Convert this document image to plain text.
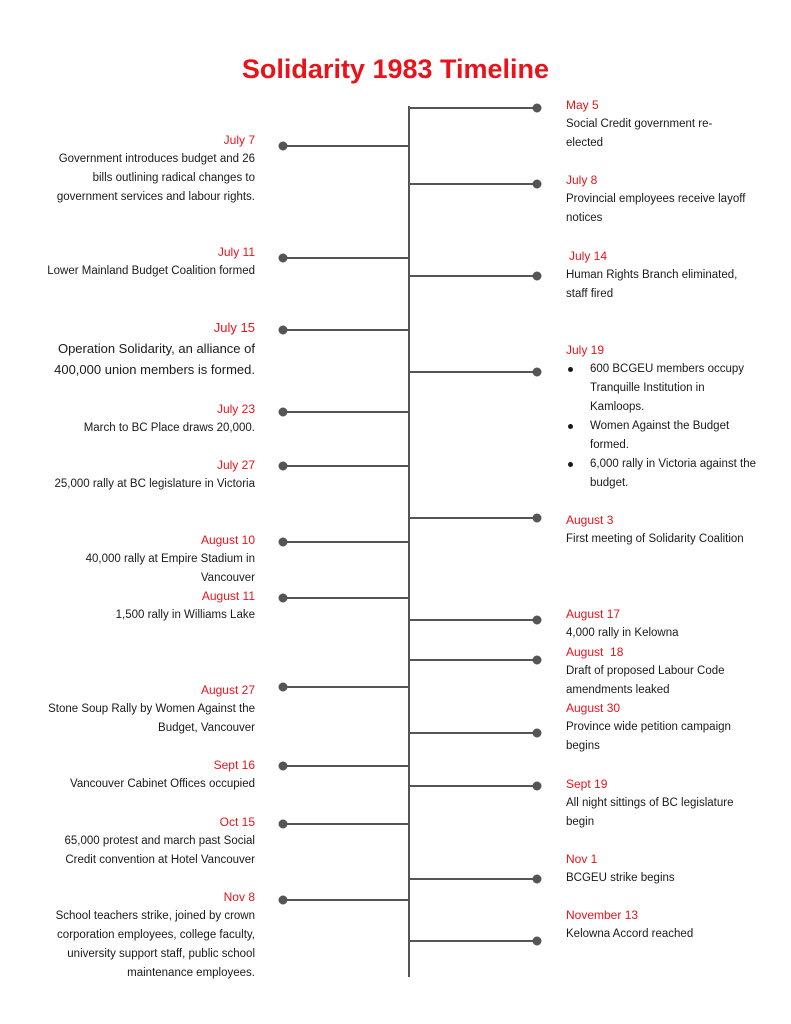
Solidarity 1983 Timeline
July 7
Government introduces budget and 26 bills outlining radical changes to government services and labour rights.
July 11
Lower Mainland Budget Coalition formed
July 15
Operation Solidarity, an alliance of 400,000 union members is formed.
July 23
March to BC Place draws 20,000.
July 27
25,000 rally at BC legislature in Victoria
August 10
40,000 rally at Empire Stadium in Vancouver
August 11
1,500 rally in Williams Lake
August 27
Stone Soup Rally by Women Against the Budget, Vancouver
Sept 16
Vancouver Cabinet Offices occupied
Oct 15
65,000 protest and march past Social Credit convention at Hotel Vancouver
Nov 8
School teachers strike, joined by crown corporation employees, college faculty, university support staff, public school maintenance employees.
May 5
Social Credit government re-elected
July 8
Provincial employees receive layoff notices
July 14
Human Rights Branch eliminated, staff fired
July 19
600 BCGEU members occupy Tranquille Institution in Kamloops.
Women Against the Budget formed.
6,000 rally in Victoria against the budget.
August 3
First meeting of Solidarity Coalition
August 17
4,000 rally in Kelowna
August  18
Draft of proposed Labour Code amendments leaked
August 30
Province wide petition campaign begins
Sept 19
All night sittings of BC legislature begin
Nov 1
BCGEU strike begins
November 13
Kelowna Accord reached
